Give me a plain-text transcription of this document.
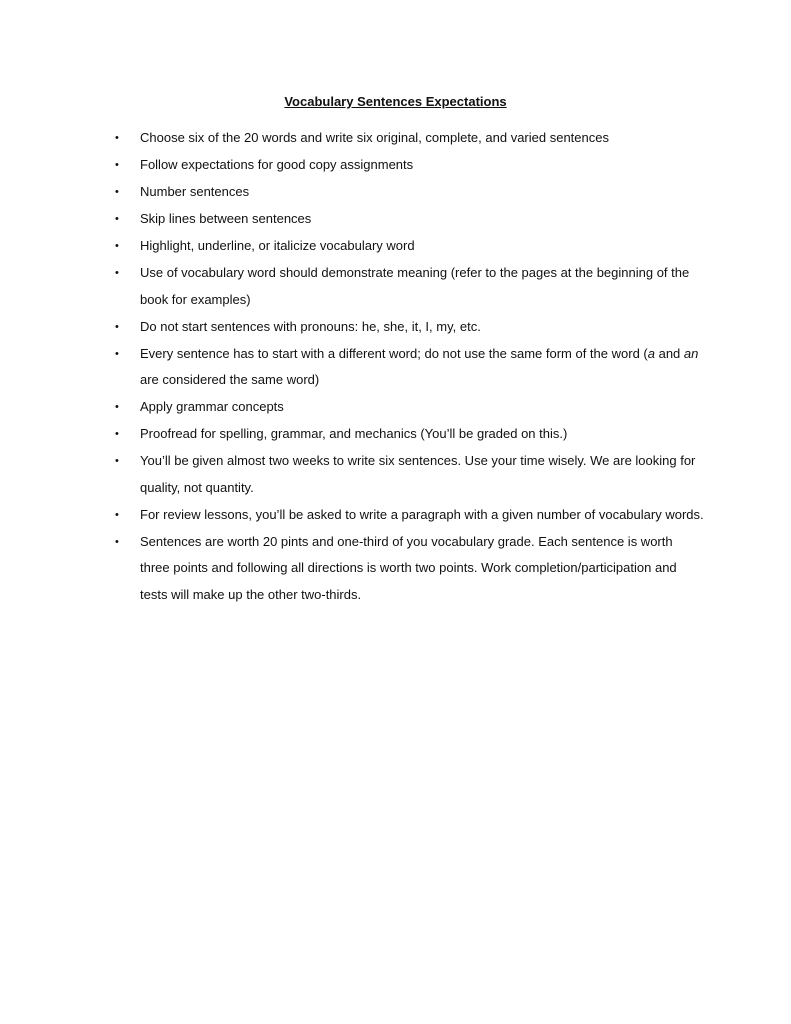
Vocabulary Sentences Expectations
• Choose six of the 20 words and write six original, complete, and varied sentences
• Follow expectations for good copy assignments
• Number sentences
• Skip lines between sentences
• Highlight, underline, or italicize vocabulary word
• Use of vocabulary word should demonstrate meaning (refer to the pages at the beginning of the book for examples)
• Do not start sentences with pronouns: he, she, it, I, my, etc.
• Every sentence has to start with a different word; do not use the same form of the word (a and an are considered the same word)
• Apply grammar concepts
• Proofread for spelling, grammar, and mechanics (You’ll be graded on this.)
• You’ll be given almost two weeks to write six sentences. Use your time wisely. We are looking for quality, not quantity.
• For review lessons, you’ll be asked to write a paragraph with a given number of vocabulary words.
• Sentences are worth 20 pints and one-third of you vocabulary grade. Each sentence is worth three points and following all directions is worth two points. Work completion/participation and tests will make up the other two-thirds.
